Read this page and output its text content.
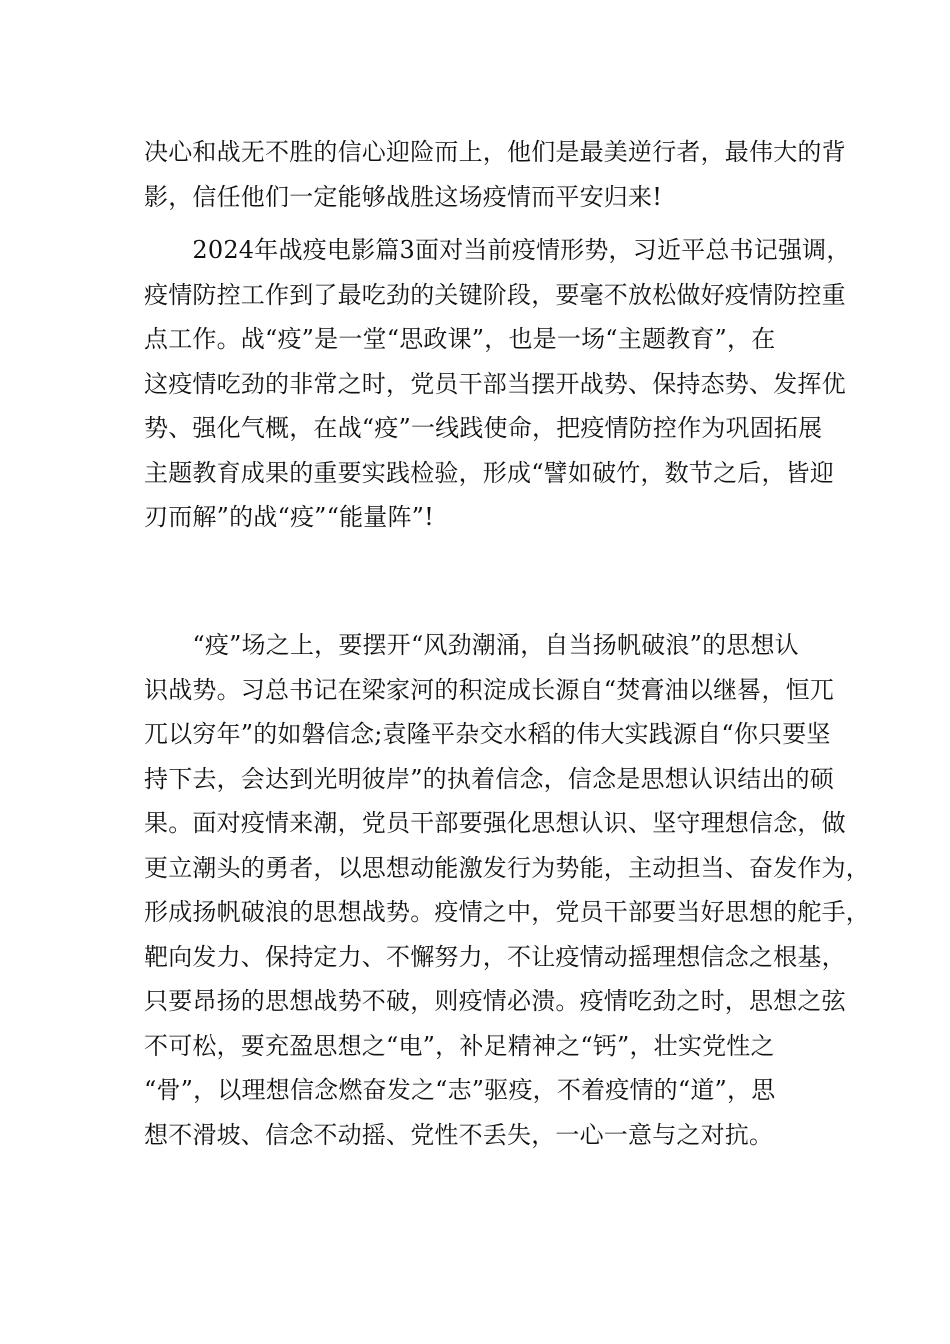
决心和战无不胜的信心迎险而上，他们是最美逆行者，最伟大的背
影，信任他们一定能够战胜这场疫情而平安归来!
　　2024年战疫电影篇3面对当前疫情形势，习近平总书记强调，
疫情防控工作到了最吃劲的关键阶段，要毫不放松做好疫情防控重
点工作。战“疫”是一堂“思政课”，也是一场“主题教育”，在
这疫情吃劲的非常之时，党员干部当摆开战势、保持态势、发挥优
势、强化气概，在战“疫”一线践使命，把疫情防控作为巩固拓展
主题教育成果的重要实践检验，形成“譬如破竹，数节之后，皆迎
刃而解”的战“疫”“能量阵”!
　　“疫”场之上，要摆开“风劲潮涌，自当扬帆破浪”的思想认
识战势。习总书记在梁家河的积淀成长源自“焚膏油以继晷，恒兀
兀以穷年”的如磐信念;袁隆平杂交水稻的伟大实践源自“你只要坚
持下去，会达到光明彼岸”的执着信念，信念是思想认识结出的硕
果。面对疫情来潮，党员干部要强化思想认识、坚守理想信念，做
更立潮头的勇者，以思想动能激发行为势能，主动担当、奋发作为，
形成扬帆破浪的思想战势。疫情之中，党员干部要当好思想的舵手，
靶向发力、保持定力、不懈努力，不让疫情动摇理想信念之根基，
只要昂扬的思想战势不破，则疫情必溃。疫情吃劲之时，思想之弦
不可松，要充盈思想之“电”，补足精神之“钙”，壮实党性之
“骨”，以理想信念燃奋发之“志”驱疫，不着疫情的“道”，思
想不滑坡、信念不动摇、党性不丢失，一心一意与之对抗。
